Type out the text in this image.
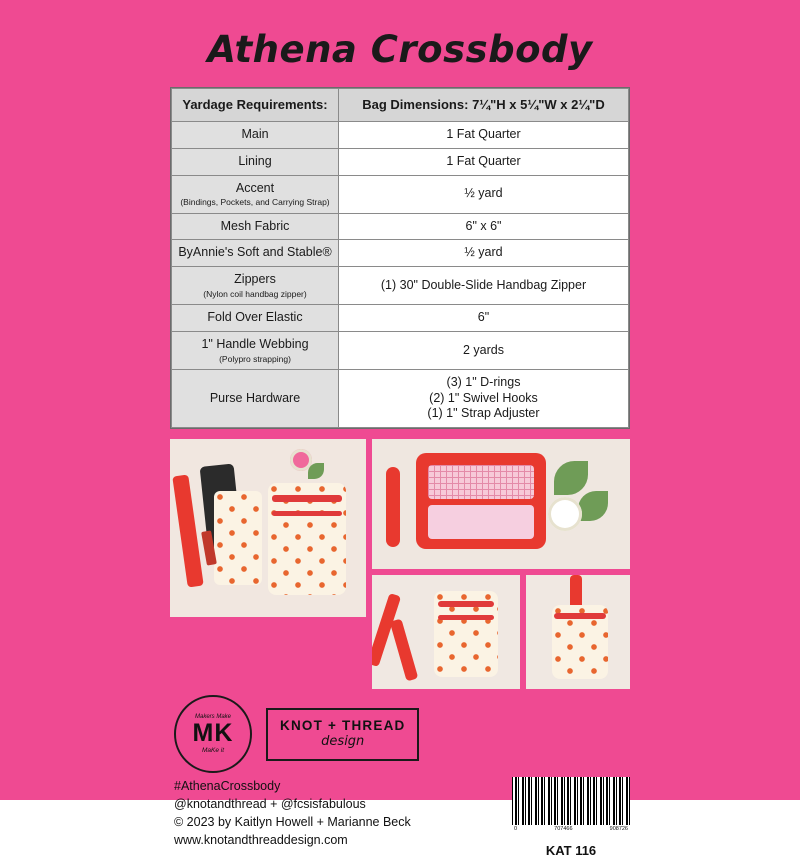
Athena Crossbody
Yardage Requirements:	Bag Dimensions: 7¼"H x 5¼"W x 2¼"D
Main	1 Fat Quarter
Lining	1 Fat Quarter
Accent
(Bindings, Pockets, and Carrying Strap)	½ yard
Mesh Fabric	6" x 6"
ByAnnie's Soft and Stable®	½ yard
Zippers
(Nylon coil handbag zipper)	(1) 30" Double-Slide Handbag Zipper
Fold Over Elastic	6"
1" Handle Webbing
(Polypro strapping)	2 yards
Purse Hardware	(3) 1" D-rings
(2) 1" Swivel Hooks
(1) 1" Strap Adjuster
Makers Make
MK
MaKe it
KNOT + THREAD
design
#AthenaCrossbody
@knotandthread + @fcsisfabulous
© 2023 by Kaitlyn Howell + Marianne Beck
www.knotandthreaddesign.com
0	707466	908726
KAT 116
